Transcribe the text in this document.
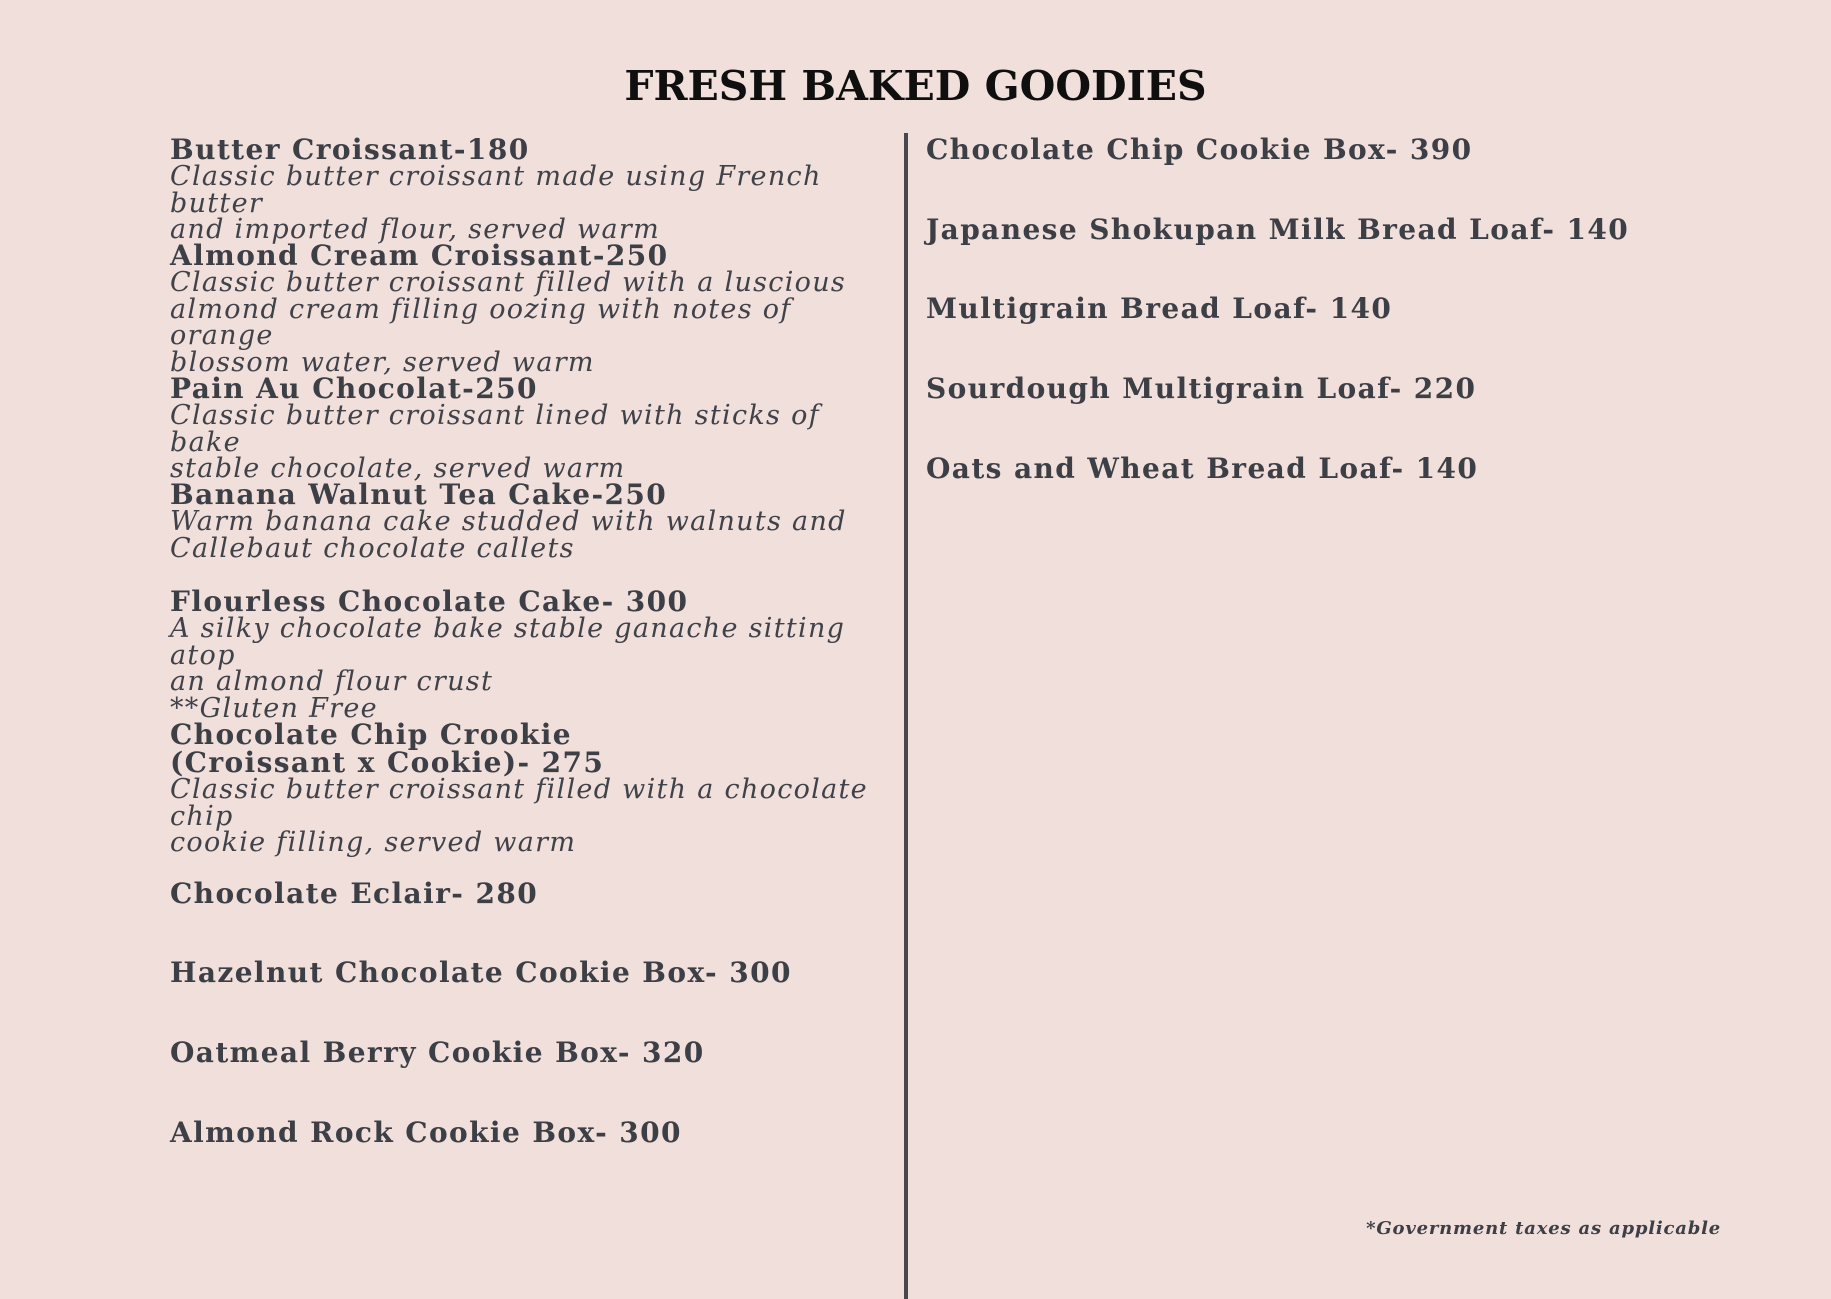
FRESH BAKED GOODIES
Butter Croissant-180
Classic butter croissant made using French butter
and imported flour, served warm
Almond Cream Croissant-250
Classic butter croissant filled with a luscious
almond cream filling oozing with notes of orange
blossom water, served warm
Pain Au Chocolat-250
Classic butter croissant lined with sticks of bake
stable chocolate, served warm
Banana Walnut Tea Cake-250
Warm banana cake studded with walnuts and
Callebaut chocolate callets
Flourless Chocolate Cake- 300
A silky chocolate bake stable ganache sitting atop
an almond flour crust
**Gluten Free
Chocolate Chip Crookie
(Croissant x Cookie)- 275
Classic butter croissant filled with a chocolate chip
cookie filling, served warm
Chocolate Eclair- 280
Hazelnut Chocolate Cookie Box- 300
Oatmeal Berry Cookie Box- 320
Almond Rock Cookie Box- 300
Chocolate Chip Cookie Box- 390
Japanese Shokupan Milk Bread Loaf- 140
Multigrain Bread Loaf- 140
Sourdough Multigrain Loaf- 220
Oats and Wheat Bread Loaf- 140
*Government taxes as applicable
